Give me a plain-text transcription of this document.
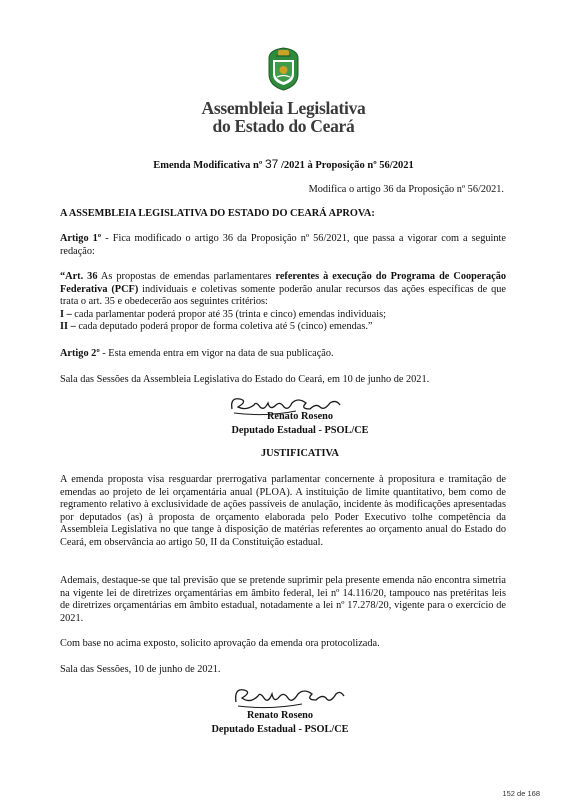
Assembleia Legislativa
do Estado do Ceará
Emenda Modificativa nº 37 /2021 à Proposição nº 56/2021
Modifica o artigo 36 da Proposição nº 56/2021.
A ASSEMBLEIA LEGISLATIVA DO ESTADO DO CEARÁ APROVA:
Artigo 1º - Fica modificado o artigo 36 da Proposição nº 56/2021, que passa a vigorar com a seguinte redação:
“Art. 36 As propostas de emendas parlamentares referentes à execução do Programa de Cooperação Federativa (PCF) individuais e coletivas somente poderão anular recursos das ações específicas de que trata o art. 35 e obedecerão aos seguintes critérios:
I – cada parlamentar poderá propor até 35 (trinta e cinco) emendas individuais;
II – cada deputado poderá propor de forma coletiva até 5 (cinco) emendas.”
Artigo 2º - Esta emenda entra em vigor na data de sua publicação.
Sala das Sessões da Assembleia Legislativa do Estado do Ceará, em 10 de junho de 2021.
Renato Roseno
Deputado Estadual - PSOL/CE
JUSTIFICATIVA
A emenda proposta visa resguardar prerrogativa parlamentar concernente à propositura e tramitação de emendas ao projeto de lei orçamentária anual (PLOA). A instituição de limite quantitativo, bem como de regramento relativo à exclusividade de ações passíveis de anulação, incidente às modificações apresentadas por deputados (as) à proposta de orçamento elaborada pelo Poder Executivo tolhe competência da Assembleia Legislativa no que tange à disposição de matérias referentes ao orçamento anual do Estado do Ceará, em observância ao artigo 50, II da Constituição estadual.
Ademais, destaque-se que tal previsão que se pretende suprimir pela presente emenda não encontra simetria na vigente lei de diretrizes orçamentárias em âmbito federal, lei nº 14.116/20, tampouco nas pretéritas leis de diretrizes orçamentárias em âmbito estadual, notadamente a lei nº 17.278/20, vigente para o exercício de 2021.
Com base no acima exposto, solicito aprovação da emenda ora protocolizada.
Sala das Sessões, 10 de junho de 2021.
Renato Roseno
Deputado Estadual - PSOL/CE
152 de 168
